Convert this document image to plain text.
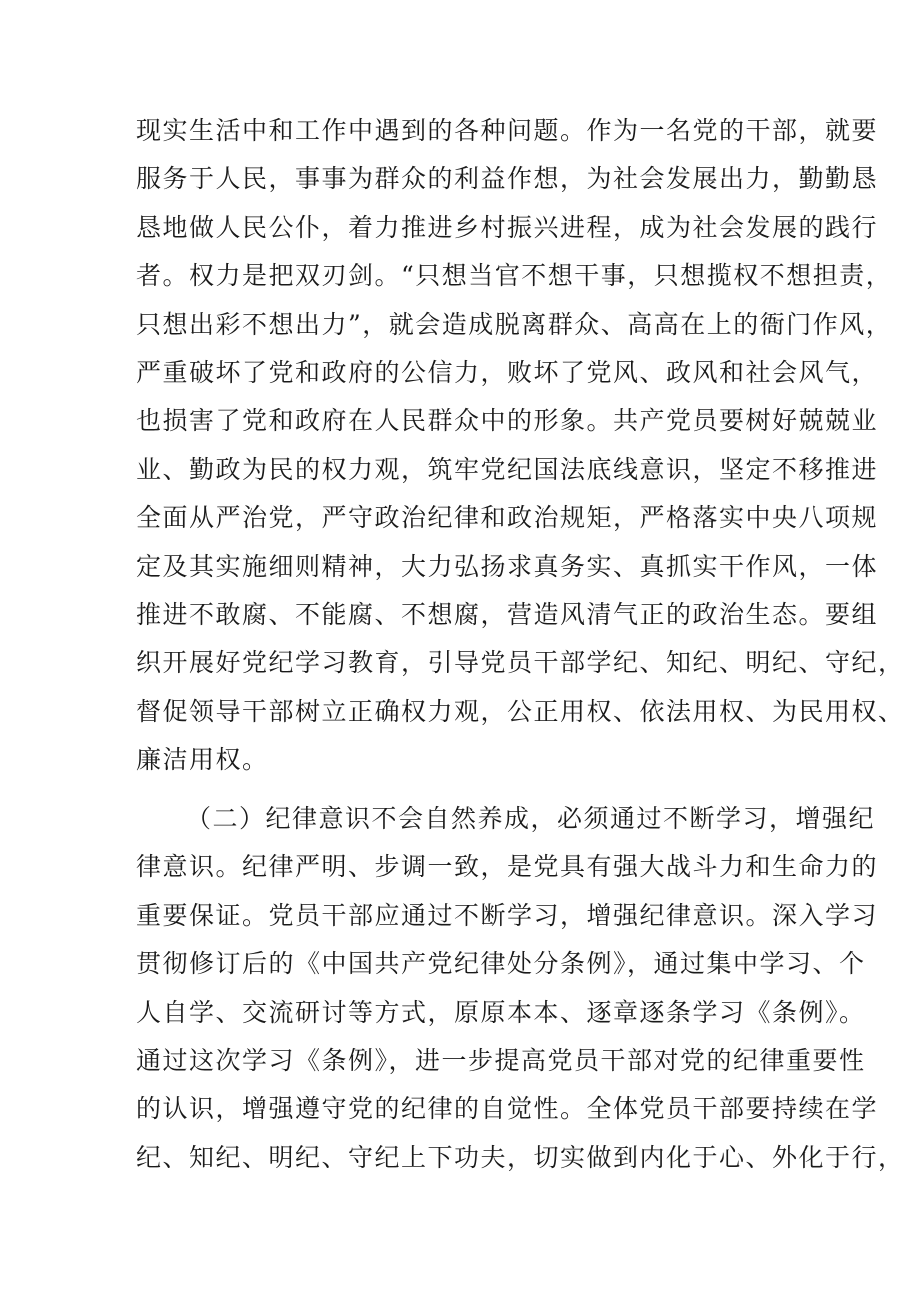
现实生活中和工作中遇到的各种问题。作为一名党的干部，就要
服务于人民，事事为群众的利益作想，为社会发展出力，勤勤恳
恳地做人民公仆，着力推进乡村振兴进程，成为社会发展的践行
者。权力是把双刃剑。“只想当官不想干事，只想揽权不想担责，
只想出彩不想出力”，就会造成脱离群众、高高在上的衙门作风，
严重破坏了党和政府的公信力，败坏了党风、政风和社会风气，
也损害了党和政府在人民群众中的形象。共产党员要树好兢兢业
业、勤政为民的权力观，筑牢党纪国法底线意识，坚定不移推进
全面从严治党，严守政治纪律和政治规矩，严格落实中央八项规
定及其实施细则精神，大力弘扬求真务实、真抓实干作风，一体
推进不敢腐、不能腐、不想腐，营造风清气正的政治生态。要组
织开展好党纪学习教育，引导党员干部学纪、知纪、明纪、守纪，
督促领导干部树立正确权力观，公正用权、依法用权、为民用权、
廉洁用权。
（二）纪律意识不会自然养成，必须通过不断学习，增强纪
律意识。纪律严明、步调一致，是党具有强大战斗力和生命力的
重要保证。党员干部应通过不断学习，增强纪律意识。深入学习
贯彻修订后的《中国共产党纪律处分条例》，通过集中学习、个
人自学、交流研讨等方式，原原本本、逐章逐条学习《条例》。
通过这次学习《条例》，进一步提高党员干部对党的纪律重要性
的认识，增强遵守党的纪律的自觉性。全体党员干部要持续在学
纪、知纪、明纪、守纪上下功夫，切实做到内化于心、外化于行，
